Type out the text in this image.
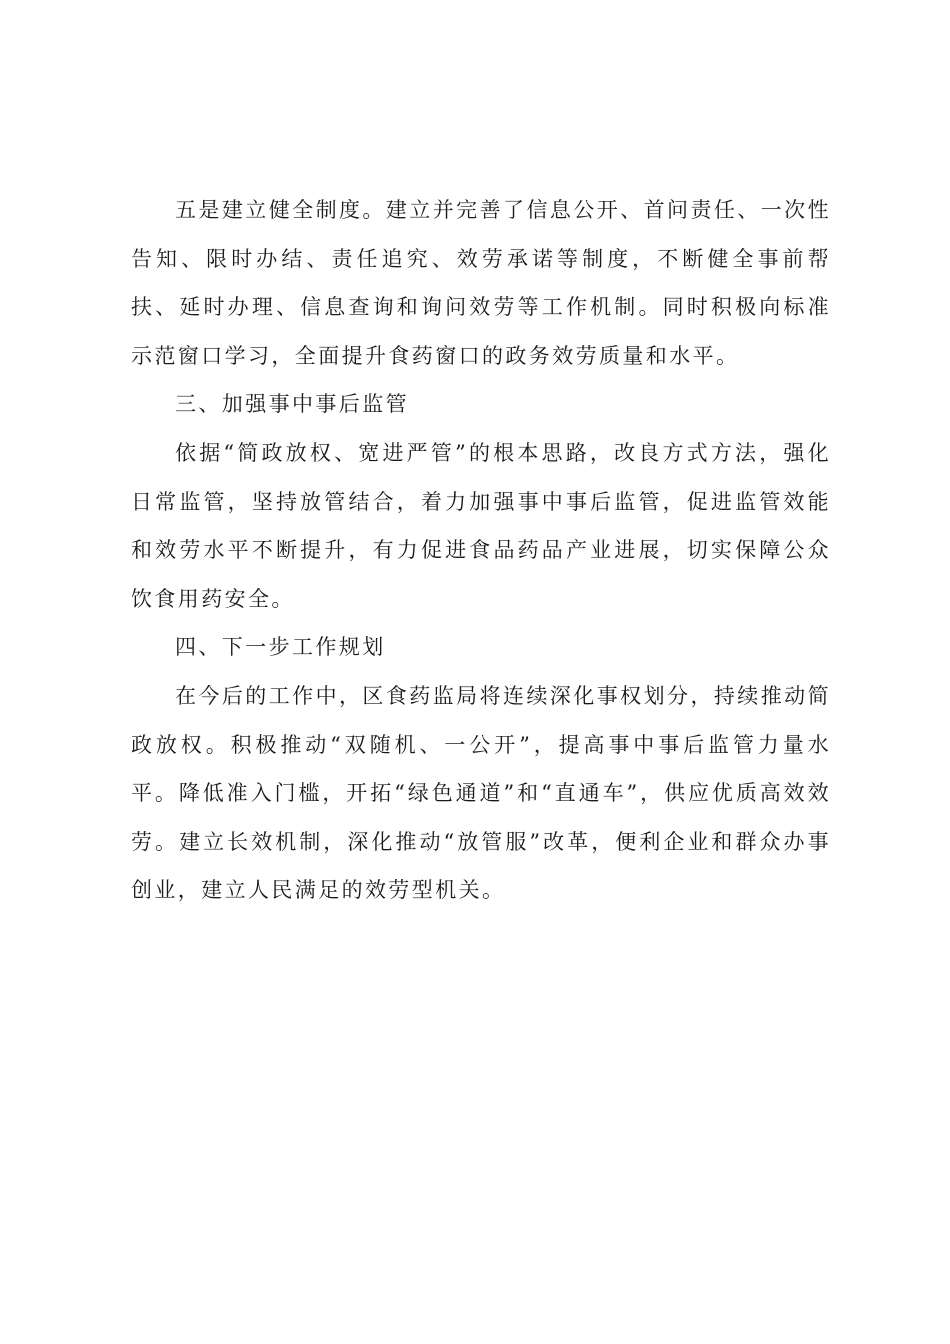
五是建立健全制度。建立并完善了信息公开、首问责任、一次性告知、限时办结、责任追究、效劳承诺等制度，不断健全事前帮扶、延时办理、信息查询和询问效劳等工作机制。同时积极向标准示范窗口学习，全面提升食药窗口的政务效劳质量和水平。

三、加强事中事后监管

依据“简政放权、宽进严管”的根本思路，改良方式方法，强化日常监管，坚持放管结合，着力加强事中事后监管，促进监管效能和效劳水平不断提升，有力促进食品药品产业进展，切实保障公众饮食用药安全。

四、下一步工作规划

在今后的工作中，区食药监局将连续深化事权划分，持续推动简政放权。积极推动“双随机、一公开”，提高事中事后监管力量水平。降低准入门槛，开拓“绿色通道”和“直通车”，供应优质高效效劳。建立长效机制，深化推动“放管服”改革，便利企业和群众办事创业，建立人民满足的效劳型机关。
